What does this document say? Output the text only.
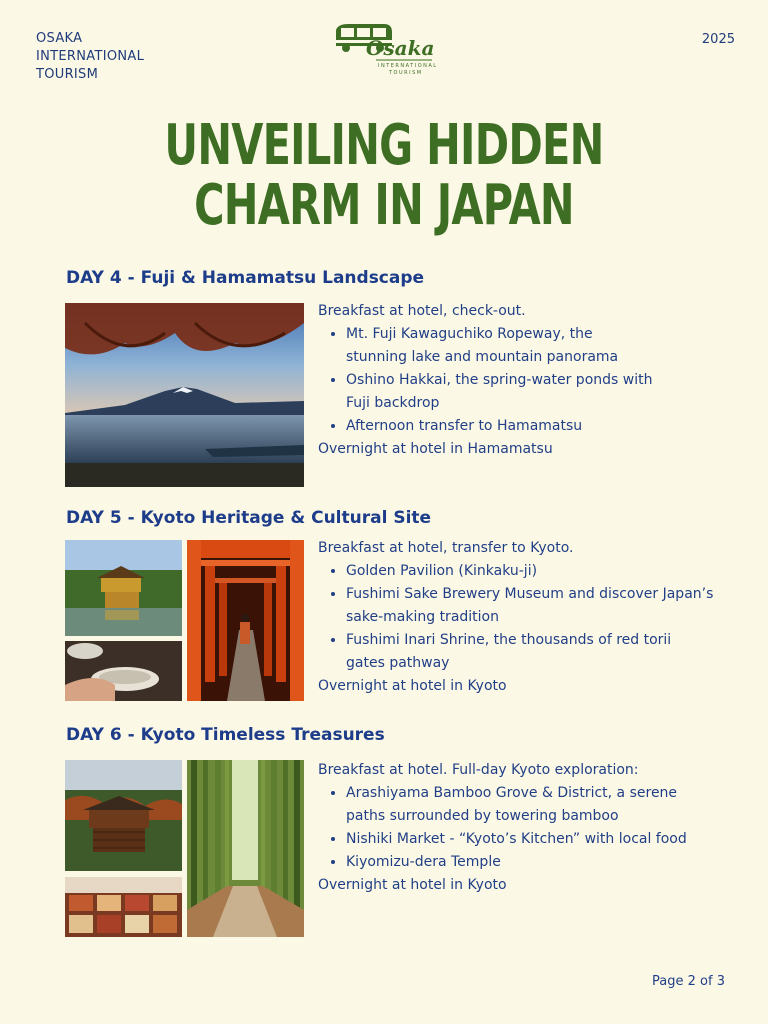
OSAKA
INTERNATIONAL
TOURISM
2025
Osaka
INTERNATIONAL
TOURISM
UNVEILING HIDDEN
CHARM IN JAPAN
DAY 4 - Fuji & Hamamatsu Landscape
Breakfast at hotel, check-out.
• Mt. Fuji Kawaguchiko Ropeway, the stunning lake and mountain panorama
• Oshino Hakkai, the spring-water ponds with Fuji backdrop
• Afternoon transfer to Hamamatsu
Overnight at hotel in Hamamatsu
DAY 5 - Kyoto Heritage & Cultural Site
Breakfast at hotel, transfer to Kyoto.
• Golden Pavilion (Kinkaku-ji)
• Fushimi Sake Brewery Museum and discover Japan’s sake-making tradition
• Fushimi Inari Shrine, the thousands of red torii gates pathway
Overnight at hotel in Kyoto
DAY 6 - Kyoto Timeless Treasures
Breakfast at hotel. Full-day Kyoto exploration:
• Arashiyama Bamboo Grove & District, a serene paths surrounded by towering bamboo
• Nishiki Market - “Kyoto’s Kitchen” with local food
• Kiyomizu-dera Temple
Overnight at hotel in Kyoto
Page 2 of 3
